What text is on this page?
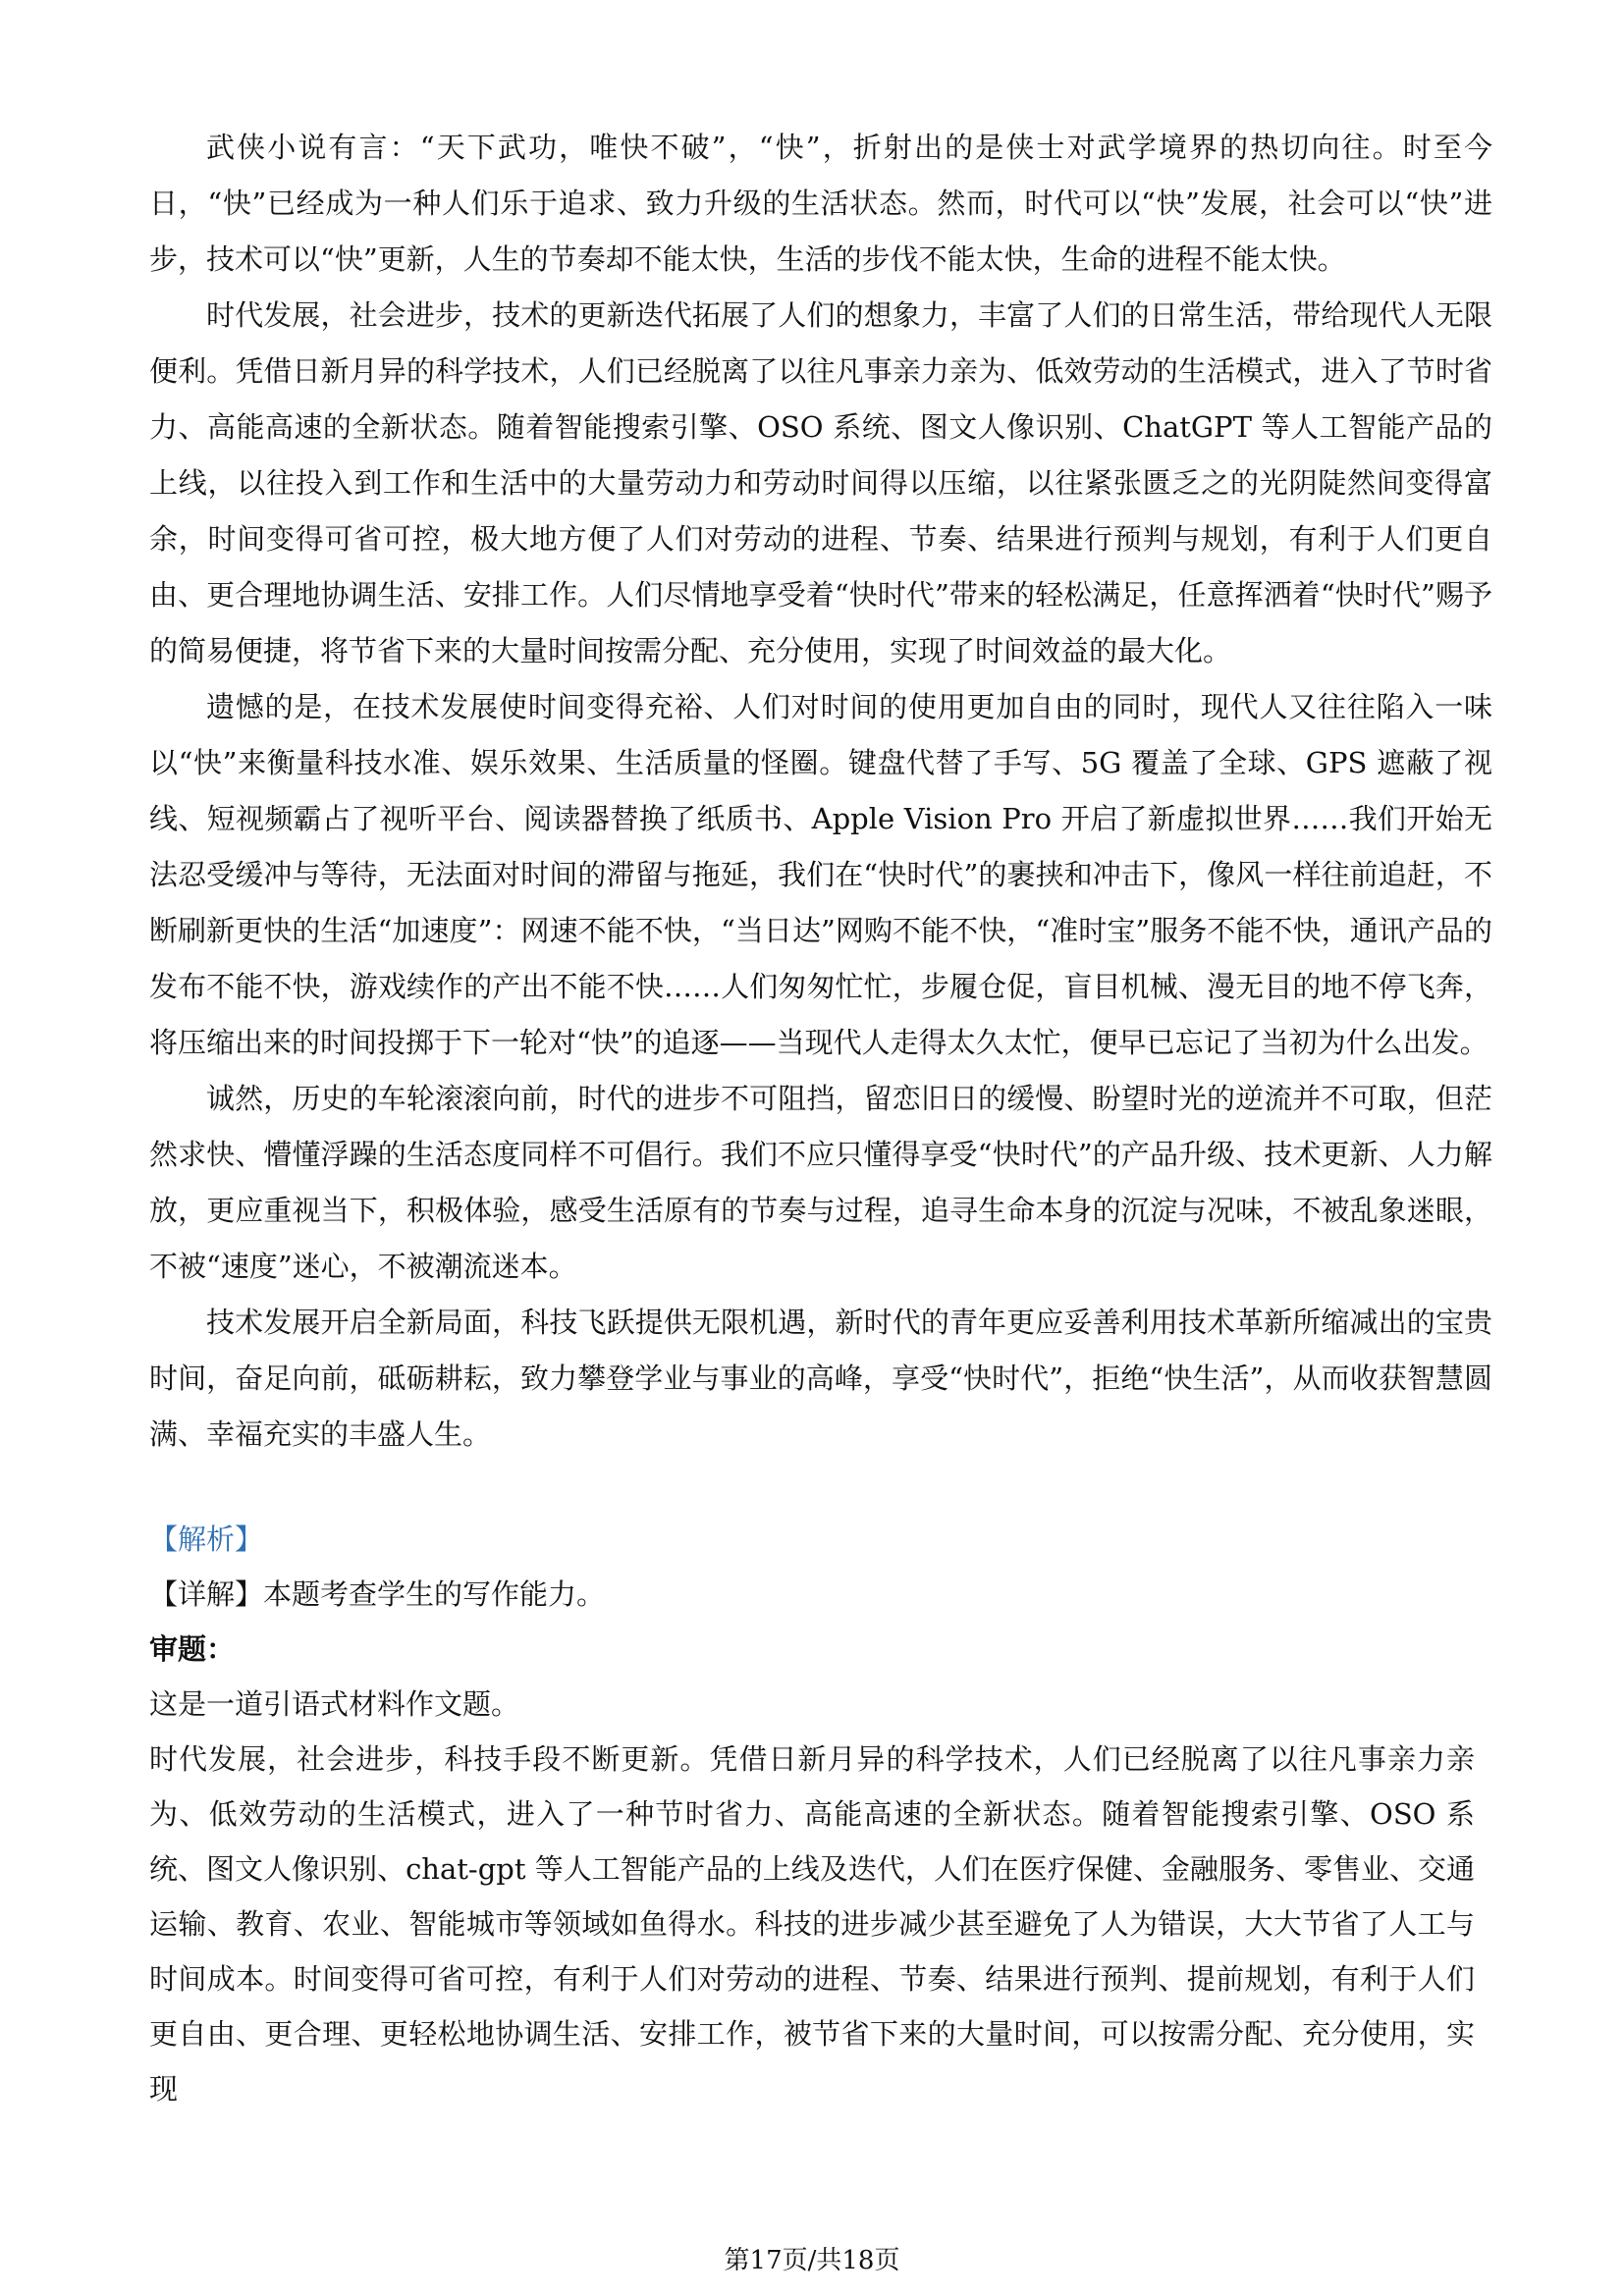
武侠小说有言：“天下武功，唯快不破”，“快”，折射出的是侠士对武学境界的热切向往。时至今日，“快”已经成为一种人们乐于追求、致力升级的生活状态。然而，时代可以“快”发展，社会可以“快”进步，技术可以“快”更新，人生的节奏却不能太快，生活的步伐不能太快，生命的进程不能太快。

时代发展，社会进步，技术的更新迭代拓展了人们的想象力，丰富了人们的日常生活，带给现代人无限便利。凭借日新月异的科学技术，人们已经脱离了以往凡事亲力亲为、低效劳动的生活模式，进入了节时省力、高能高速的全新状态。随着智能搜索引擎、OSO 系统、图文人像识别、ChatGPT 等人工智能产品的上线，以往投入到工作和生活中的大量劳动力和劳动时间得以压缩，以往紧张匮乏之的光阴陡然间变得富余，时间变得可省可控，极大地方便了人们对劳动的进程、节奏、结果进行预判与规划，有利于人们更自由、更合理地协调生活、安排工作。人们尽情地享受着“快时代”带来的轻松满足，任意挥洒着“快时代”赐予的简易便捷，将节省下来的大量时间按需分配、充分使用，实现了时间效益的最大化。

遗憾的是，在技术发展使时间变得充裕、人们对时间的使用更加自由的同时，现代人又往往陷入一味以“快”来衡量科技水准、娱乐效果、生活质量的怪圈。键盘代替了手写、5G 覆盖了全球、GPS 遮蔽了视线、短视频霸占了视听平台、阅读器替换了纸质书、Apple Vision Pro 开启了新虚拟世界……我们开始无法忍受缓冲与等待，无法面对时间的滞留与拖延，我们在“快时代”的裹挟和冲击下，像风一样往前追赶，不断刷新更快的生活“加速度”：网速不能不快，“当日达”网购不能不快，“准时宝”服务不能不快，通讯产品的发布不能不快，游戏续作的产出不能不快……人们匆匆忙忙，步履仓促，盲目机械、漫无目的地不停飞奔，将压缩出来的时间投掷于下一轮对“快”的追逐——当现代人走得太久太忙，便早已忘记了当初为什么出发。

诚然，历史的车轮滚滚向前，时代的进步不可阻挡，留恋旧日的缓慢、盼望时光的逆流并不可取，但茫然求快、懵懂浮躁的生活态度同样不可倡行。我们不应只懂得享受“快时代”的产品升级、技术更新、人力解放，更应重视当下，积极体验，感受生活原有的节奏与过程，追寻生命本身的沉淀与况味，不被乱象迷眼，不被“速度”迷心，不被潮流迷本。

技术发展开启全新局面，科技飞跃提供无限机遇，新时代的青年更应妥善利用技术革新所缩减出的宝贵时间，奋足向前，砥砺耕耘，致力攀登学业与事业的高峰，享受“快时代”，拒绝“快生活”，从而收获智慧圆满、幸福充实的丰盛人生。

【解析】

【详解】本题考查学生的写作能力。

审题：

这是一道引语式材料作文题。

时代发展，社会进步，科技手段不断更新。凭借日新月异的科学技术，人们已经脱离了以往凡事亲力亲为、低效劳动的生活模式，进入了一种节时省力、高能高速的全新状态。随着智能搜索引擎、OSO 系统、图文人像识别、chat-gpt 等人工智能产品的上线及迭代，人们在医疗保健、金融服务、零售业、交通运输、教育、农业、智能城市等领域如鱼得水。科技的进步减少甚至避免了人为错误，大大节省了人工与时间成本。时间变得可省可控，有利于人们对劳动的进程、节奏、结果进行预判、提前规划，有利于人们更自由、更合理、更轻松地协调生活、安排工作，被节省下来的大量时间，可以按需分配、充分使用，实现

第17页/共18页
